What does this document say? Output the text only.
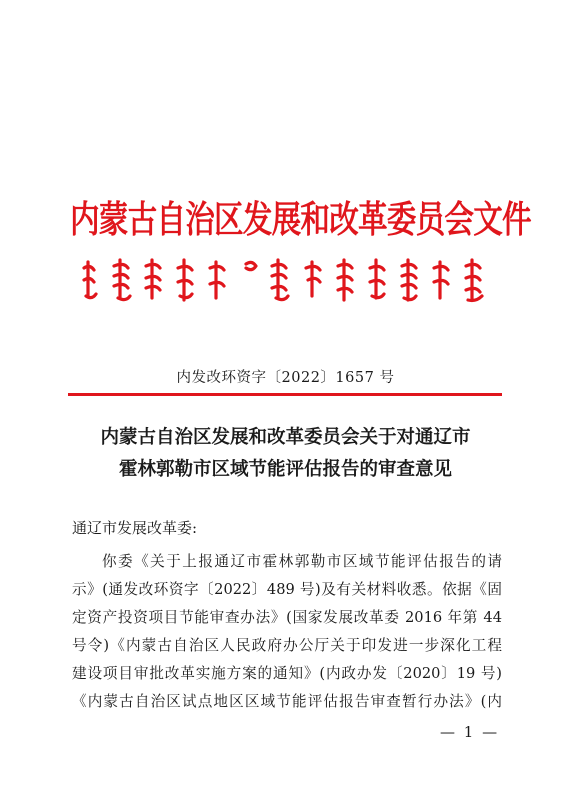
内蒙古自治区发展和改革委员会文件
内发改环资字〔2022〕1657 号
内蒙古自治区发展和改革委员会关于对通辽市
霍林郭勒市区域节能评估报告的审查意见
通辽市发展改革委:
你委《关于上报通辽市霍林郭勒市区域节能评估报告的请
示》(通发改环资字〔2022〕489 号)及有关材料收悉。依据《固
定资产投资项目节能审查办法》(国家发展改革委 2016 年第 44
号令)《内蒙古自治区人民政府办公厅关于印发进一步深化工程
建设项目审批改革实施方案的通知》(内政办发〔2020〕19 号)
《内蒙古自治区试点地区区域节能评估报告审查暂行办法》(内
— 1 —
